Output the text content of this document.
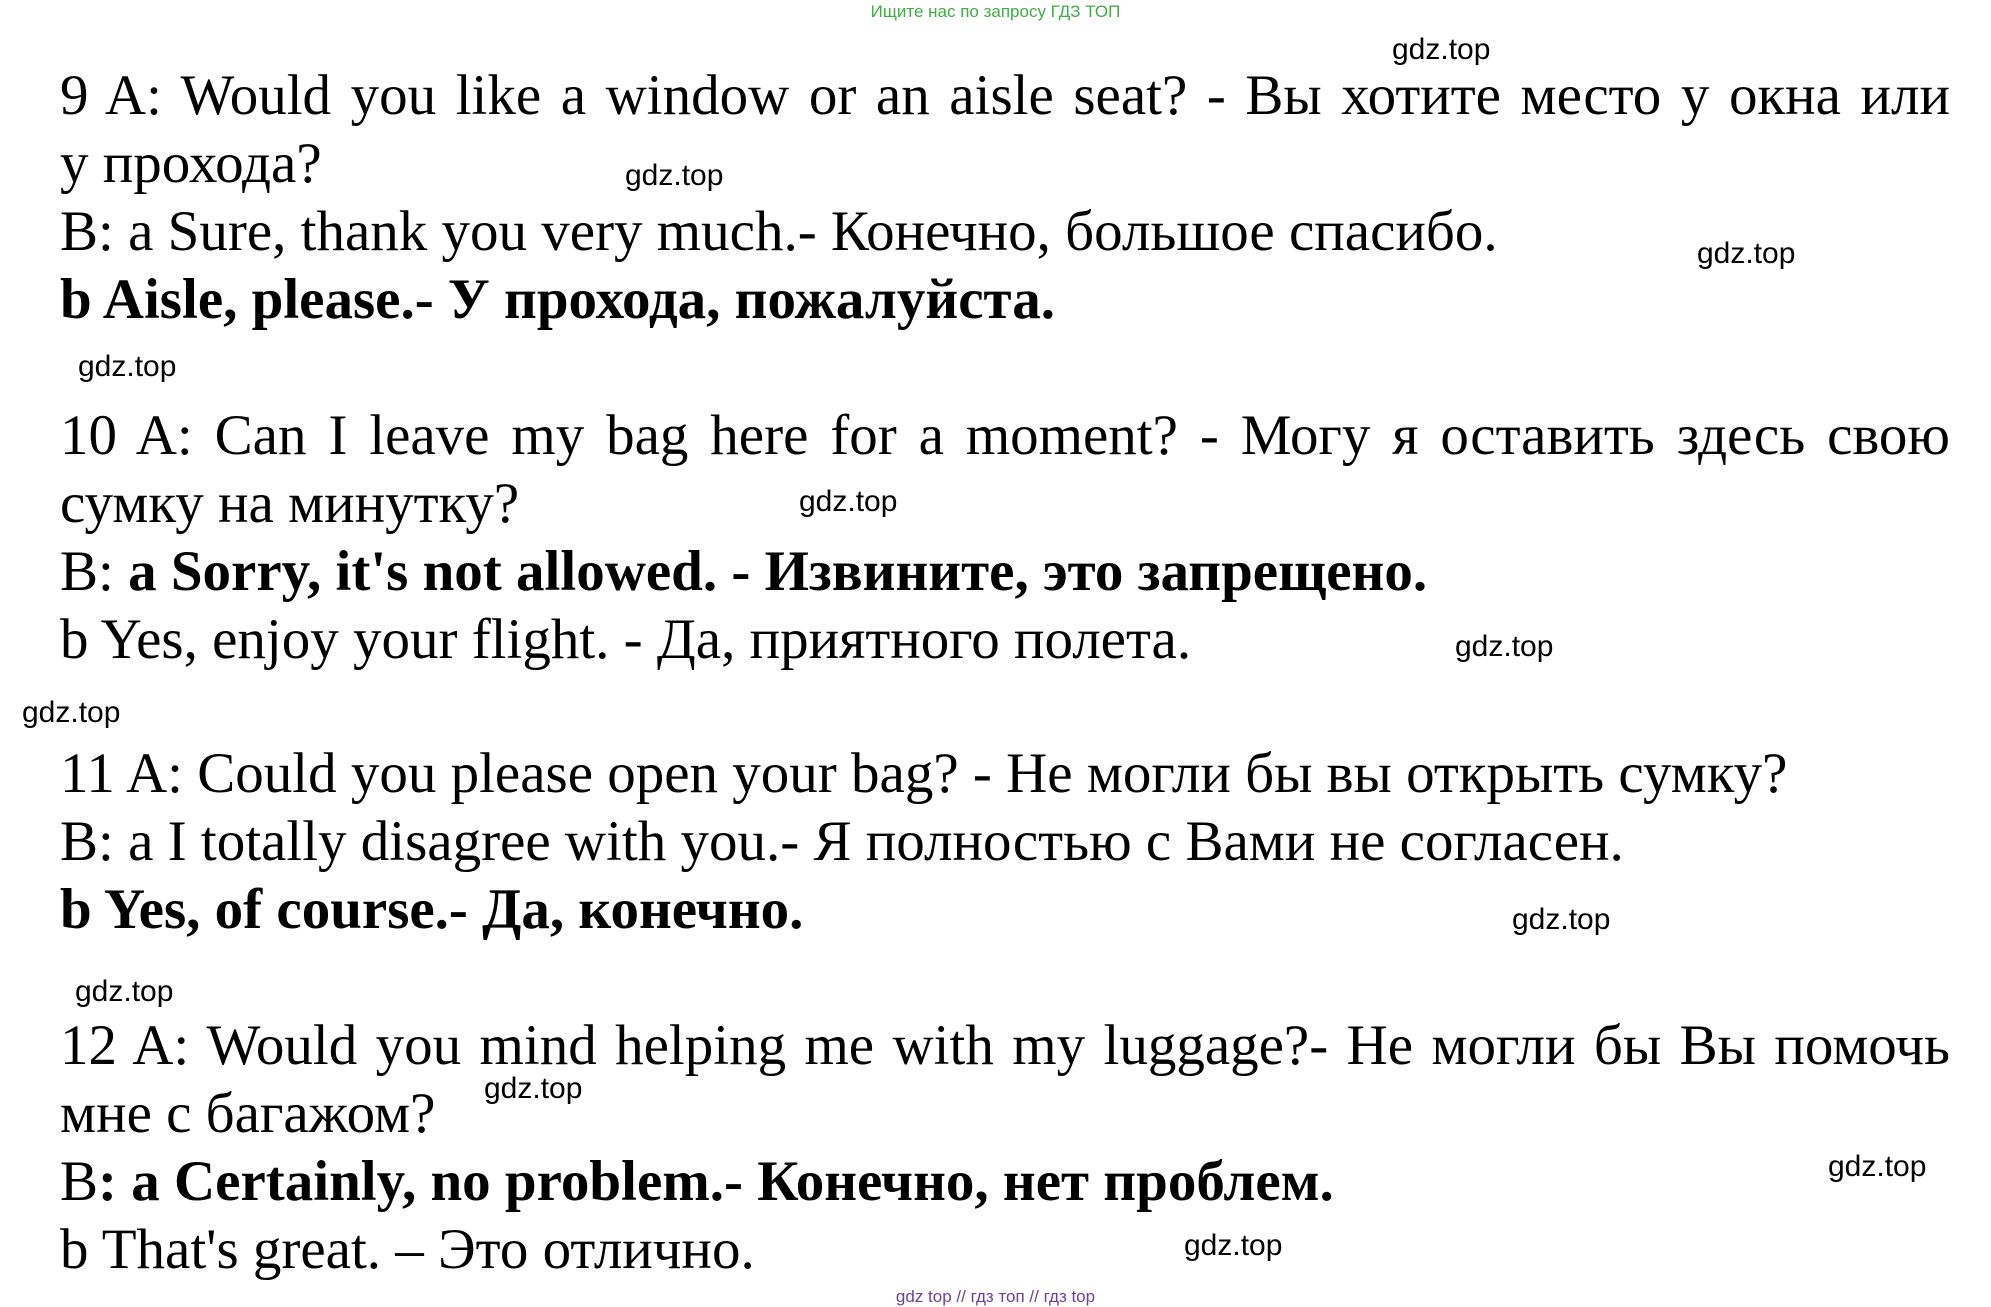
Ищите нас по запросу ГДЗ ТОП
gdz.top
gdz.top
gdz.top
gdz.top
gdz.top
gdz.top
gdz.top
gdz.top
gdz.top
gdz.top
gdz.top
gdz.top
9 A: Would you like a window or an aisle seat? - Вы хотите место у окна или
у прохода?
B: a Sure, thank you very much.- Конечно, большое спасибо.
b Aisle, please.- У прохода, пожалуйста.
10 A: Can I leave my bag here for a moment? - Могу я оставить здесь свою
сумку на минутку?
B: a Sorry, it's not allowed. - Извините, это запрещено.
b Yes, enjoy your flight. - Да, приятного полета.
11 A: Could you please open your bag? - Не могли бы вы открыть сумку?
B: a I totally disagree with you.- Я полностью с Вами не согласен.
b Yes, of course.- Да, конечно.
12 A: Would you mind helping me with my luggage?- Не могли бы Вы помочь
мне с багажом?
B: a Certainly, no problem.- Конечно, нет проблем.
b That's great. – Это отлично.
gdz top // гдз топ // гдз top
